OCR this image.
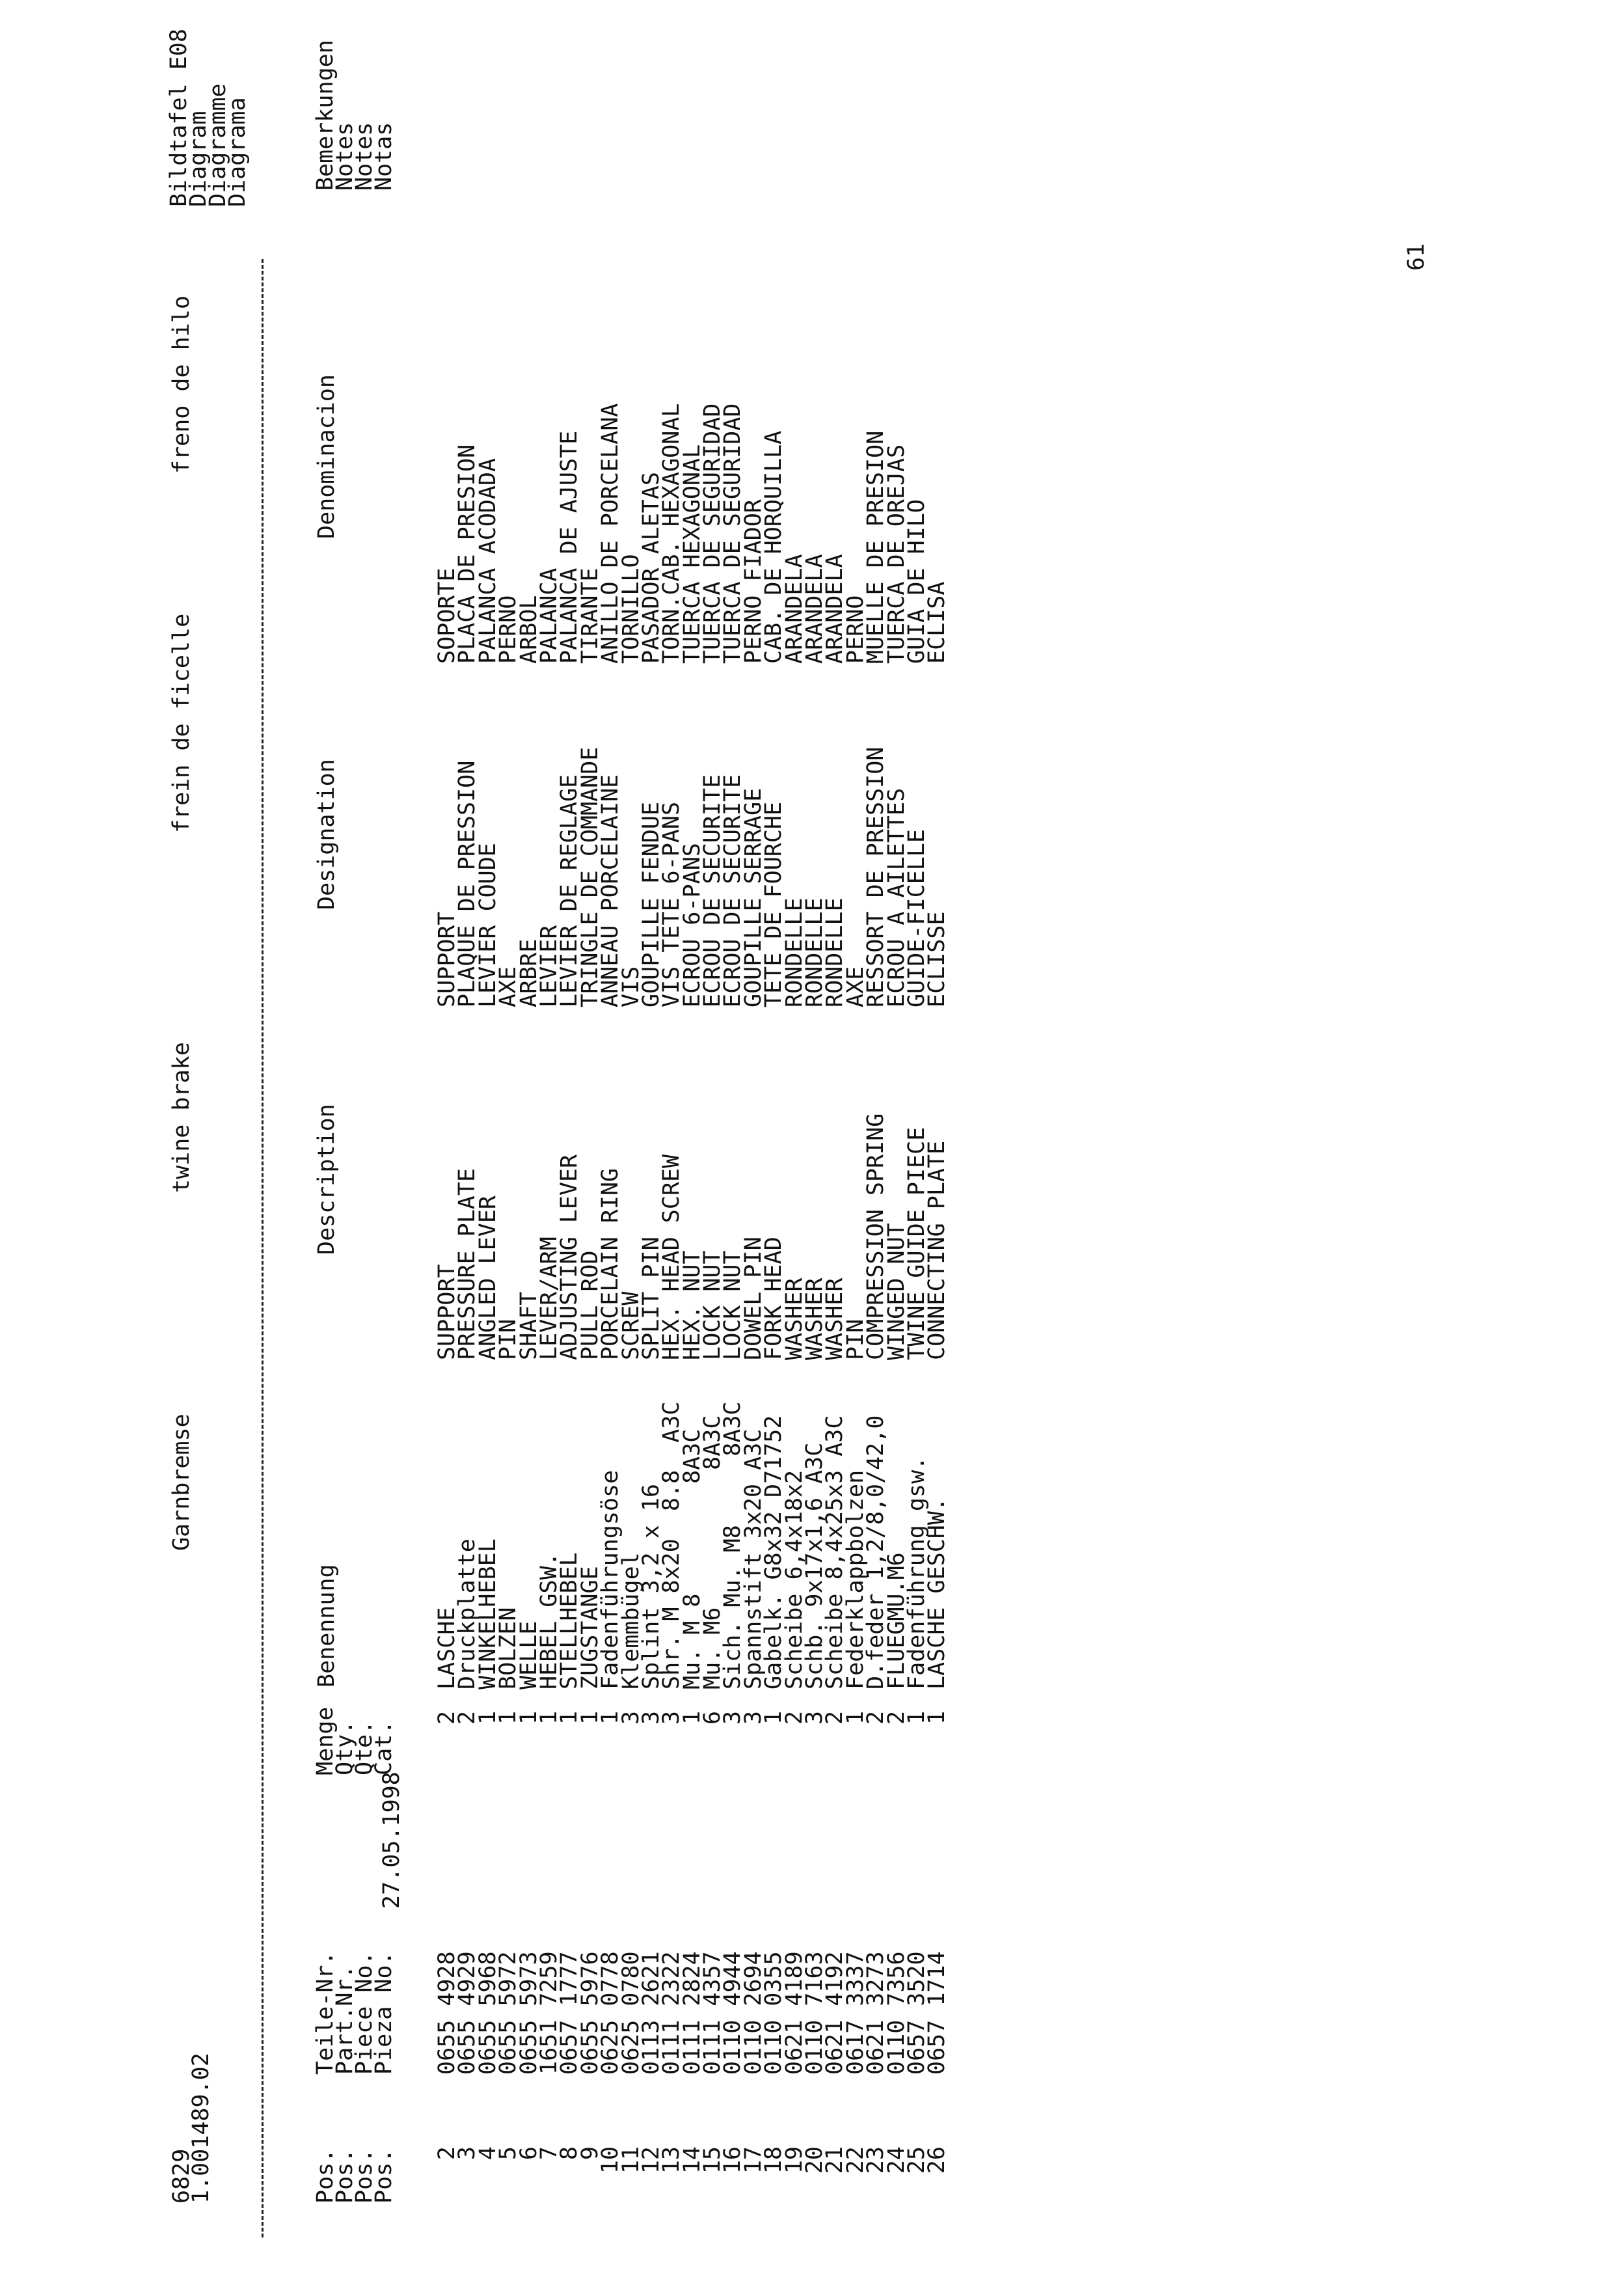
6829
1.001489.02
Garnbremse
twine brake
frein de ficelle
freno de hilo
Bildtafel E08
Diagram
Diagramme
Diagrama
Pos.
Pos.
Pos.
Pos.
Teile-Nr.
Part.Nr.
Piece No.
Pieza No.
Menge
Qty.
Qte.
Cat.
Benennung
Description
Designation
Denominacion
Bemerkungen
Notes
Notes
Notas
2
3
4
5
6
7
8
9
10
11
12
13
14
15
16
17
18
19
20
21
22
23
24
25
26
0655 4928
0655 4929
0655 5968
0655 5972
0655 5973
1651 7259
0657 1777
0655 5976
0625 0778
0625 0780
0113 2621
0111 2322
0111 2824
0111 4357
0110 4944
0110 2694
0110 0355
0621 4189
0110 7163
0621 4192
0617 3337
0621 3273
0110 7356
0657 3520
0657 1714
2
2
1
1
1
1
1
1
1
3
3
3
1
6
3
3
1
2
3
2
1
2
2
1
1
LASCHE
Druckplatte
WINKELHEBEL
BOLZEN
WELLE
HEBEL GSW.
STELLHEBEL
ZUGSTANGE
Fadenführungsöse
Klemmbügel
Splint 3,2 x 16
Shr. M 8x20  8.8  A3C
Mu. M 8        8A3C
Mu. M6          8A3C
Sich. Mu. M8     8A3C
Spannstift 3x20 A3C
Gabelk. G8x32 D71752
Scheibe 6,4x18x2
Schb. 9x17x1,6 A3C
Scheibe 8,4x25x3 A3C
Federklappbolzen
D.feder 1,2/8,0/42,0
FLUEGMU.M6
Fadenführung gsw.
LASCHE GESCHW.
SUPPORT
PRESSURE PLATE
ANGLED LEVER
PIN
SHAFT
LEVER/ARM
ADJUSTING LEVER
PULL ROD
PORCELAIN RING
SCREW
SPLIT PIN
HEX. HEAD SCREW
HEX. NUT
LOCK NUT
LOCK NUT
DOWEL PIN
FORK HEAD
WASHER
WASHER
WASHER
PIN
COMPRESSION SPRING
WINGED NUT
TWINE GUIDE PIECE
CONNECTING PLATE
SUPPORT
PLAQUE DE PRESSION
LEVIER COUDE
AXE
ARBRE
LEVIER
LEVIER DE REGLAGE
TRINGLE DE COMMANDE
ANNEAU PORCELAINE
VIS
GOUPILLE FENDUE
VIS TETE 6-PANS
ECROU 6-PANS
ECROU DE SECURITE
ECROU DE SECURITE
GOUPILLE SERRAGE
TETE DE FOURCHE
RONDELLE
RONDELLE
RONDELLE
AXE
RESSORT DE PRESSION
ECROU A AILETTES
GUIDE-FICELLE
ECLISSE
SOPORTE
PLACA DE PRESION
PALANCA ACODADA
PERNO
ARBOL
PALANCA
PALANCA DE AJUSTE
TIRANTE
ANILLO DE PORCELANA
TORNILLO
PASADOR ALETAS
TORN.CAB. HEXAGONAL
TUERCA HEXAGONAL
TUERCA DE SEGURIDAD
TUERCA DE SEGURIDAD
PERNO FIADOR
CAB. DE HORQUILLA
ARANDELA
ARANDELA
ARANDELA
PERNO
MUELLE DE PRESION
TUERCA DE OREJAS
GUIA DE HILO
ECLISA
27.05.1998
61
